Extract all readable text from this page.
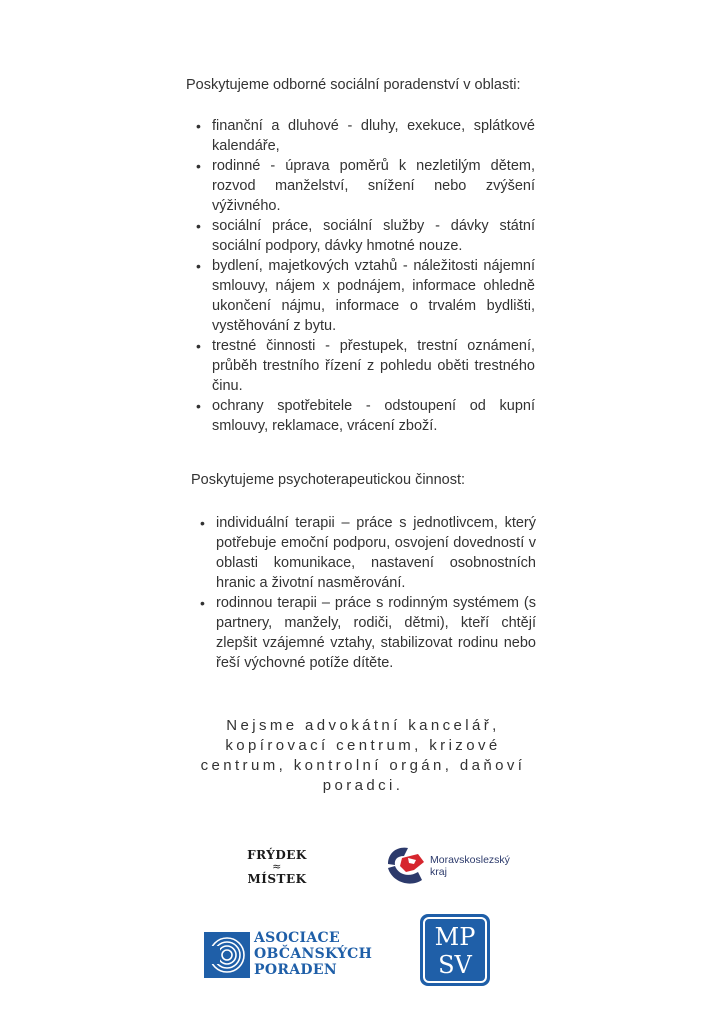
Poskytujeme odborné sociální poradenství v oblasti:
• finanční a dluhové - dluhy, exekuce, splátkové kalendáře,
• rodinné - úprava poměrů k nezletilým dětem, rozvod manželství, snížení nebo zvýšení výživného.
• sociální práce, sociální služby - dávky státní sociální podpory, dávky hmotné nouze.
• bydlení, majetkových vztahů - náležitosti nájemní smlouvy, nájem x podnájem, informace ohledně ukončení nájmu, informace o trvalém bydlišti, vystěhování z bytu.
• trestné činnosti - přestupek, trestní oznámení, průběh trestního řízení z pohledu oběti trestného činu.
• ochrany spotřebitele - odstoupení od kupní smlouvy, reklamace, vrácení zboží.
Poskytujeme psychoterapeutickou činnost:
• individuální terapii – práce s jednotlivcem, který potřebuje emoční podporu, osvojení dovedností v oblasti komunikace, nastavení osobnostních hranic a životní nasměrování.
• rodinnou terapii – práce s rodinným systémem (s partnery, manžely, rodiči, dětmi), kteří chtějí zlepšit vzájemné vztahy, stabilizovat rodinu nebo řeší výchovné potíže dítěte.
Nejsme advokátní kancelář, kopírovací centrum, krizové centrum, kontrolní orgán, daňoví poradci.
FRÝDEK
≈
MÍSTEK
Moravskoslezský
kraj
ASOCIACE
OBČANSKÝCH
PORADEN
MP
SV
